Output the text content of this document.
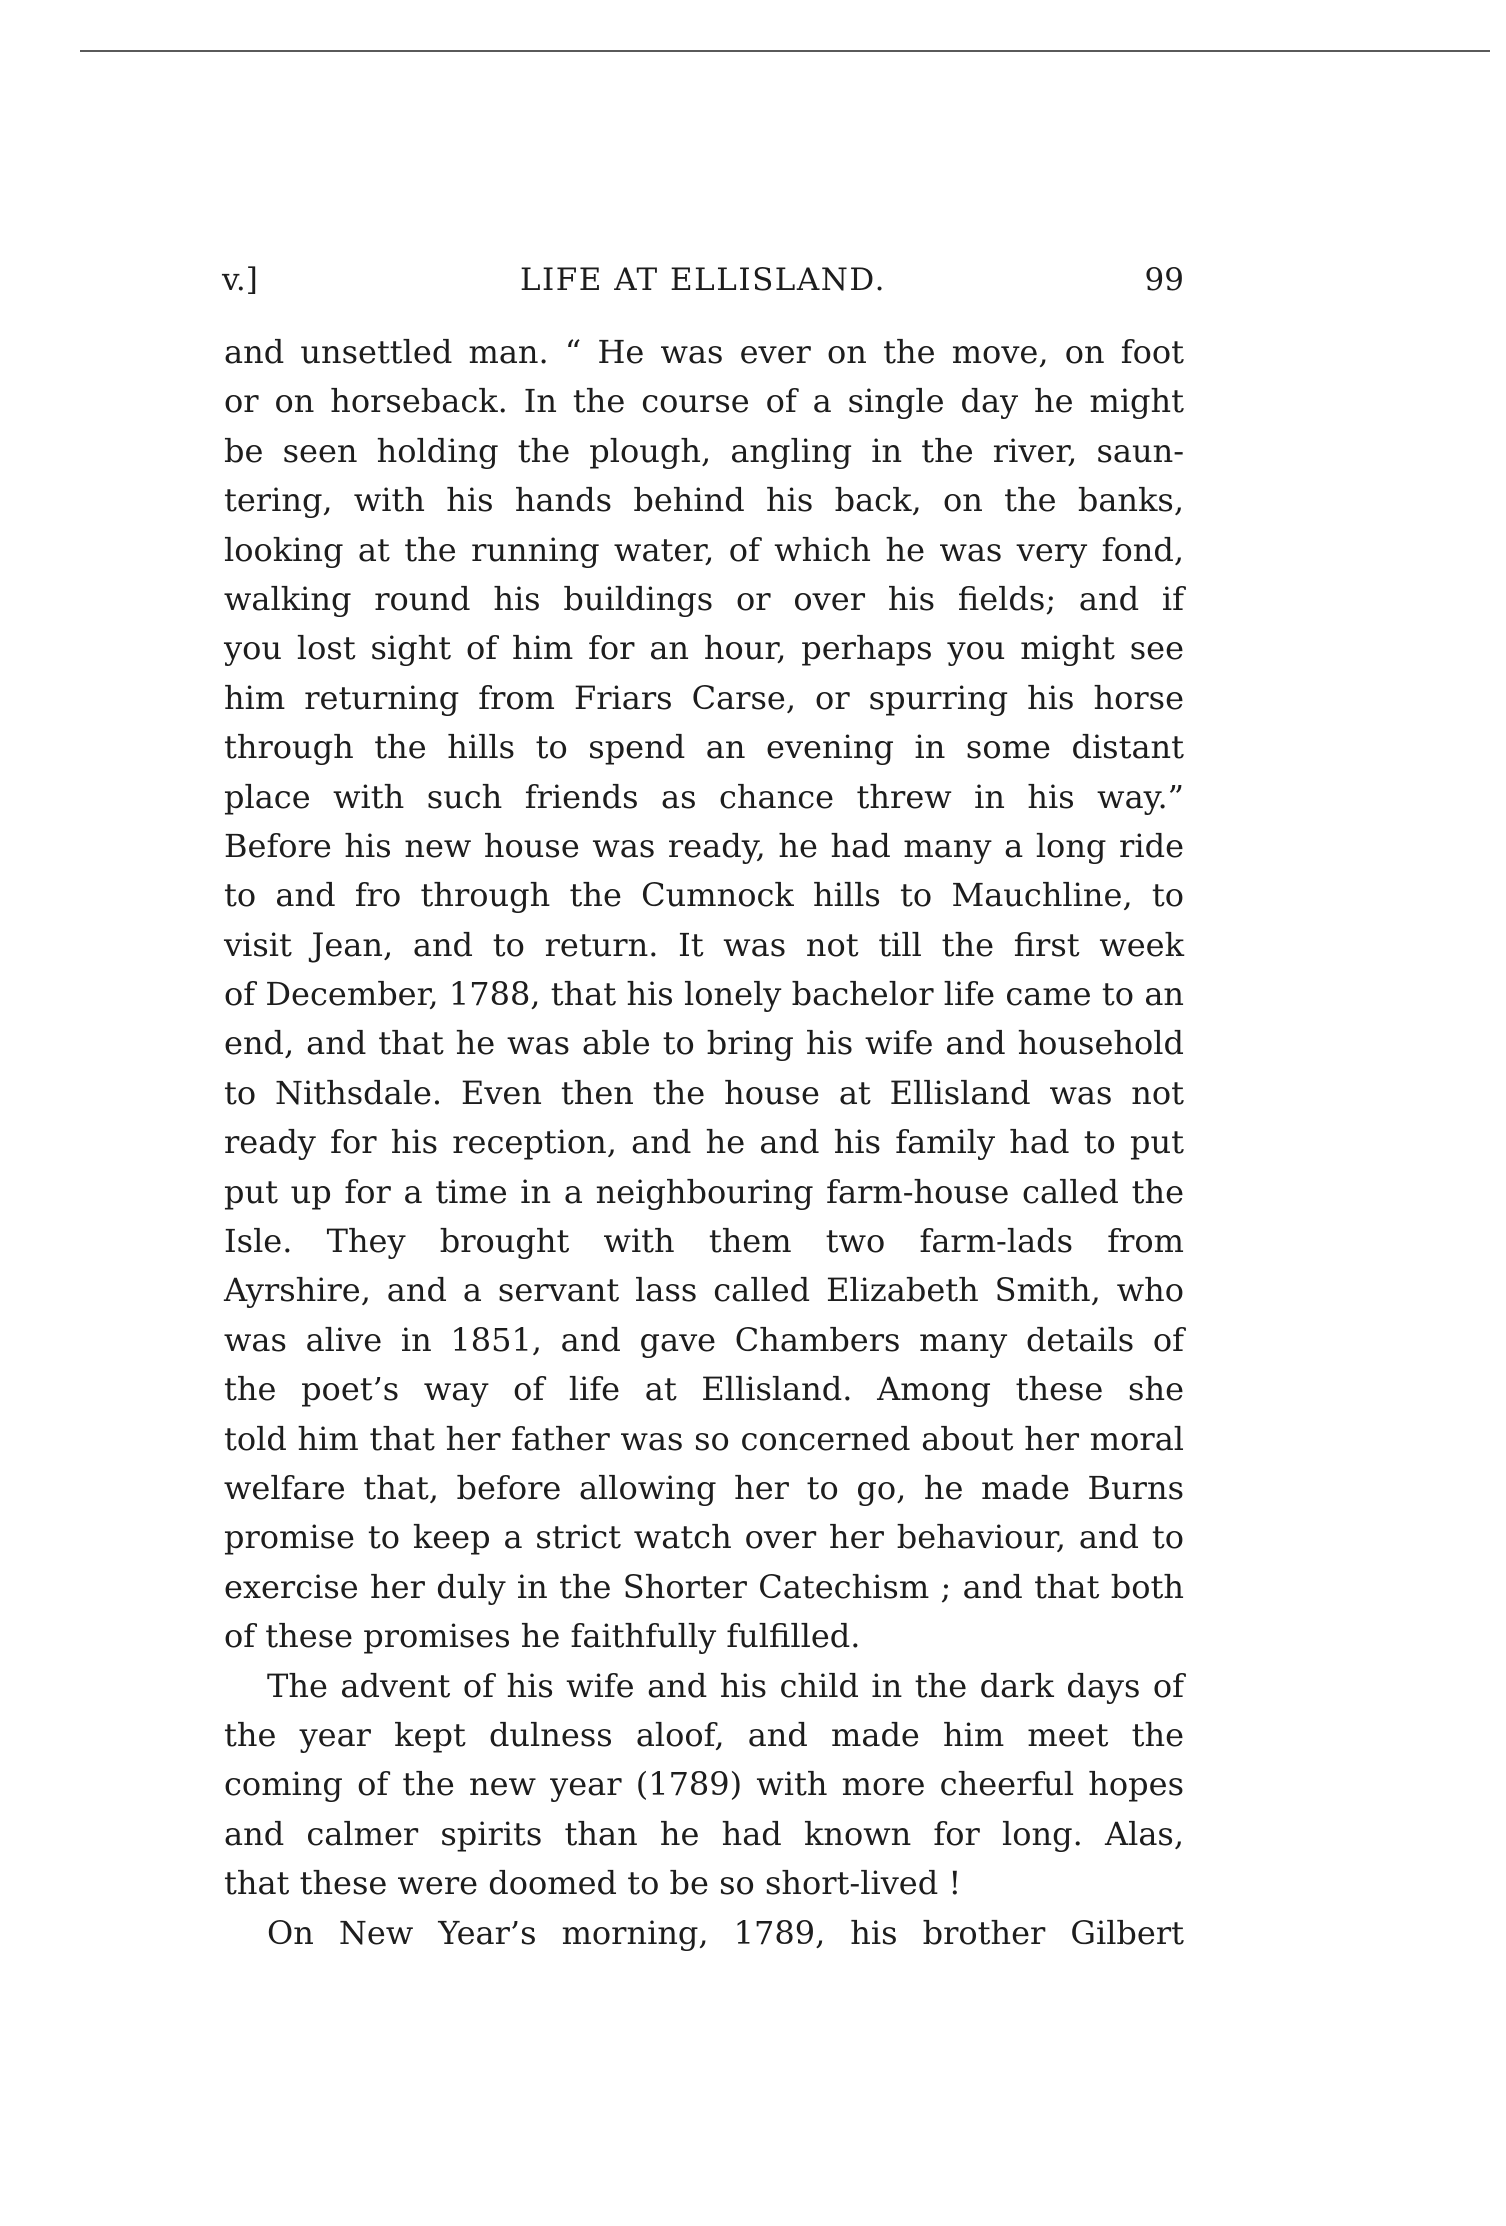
v.]	LIFE AT ELLISLAND.	99
and unsettled man. “ He was ever on the move, on foot
or on horseback. In the course of a single day he might
be seen holding the plough, angling in the river, saun-
tering, with his hands behind his back, on the banks,
looking at the running water, of which he was very fond,
walking round his buildings or over his fields; and if
you lost sight of him for an hour, perhaps you might see
him returning from Friars Carse, or spurring his horse
through the hills to spend an evening in some distant
place with such friends as chance threw in his way.”
Before his new house was ready, he had many a long ride
to and fro through the Cumnock hills to Mauchline, to
visit Jean, and to return. It was not till the first week
of December, 1788, that his lonely bachelor life came to an
end, and that he was able to bring his wife and household
to Nithsdale. Even then the house at Ellisland was not
ready for his reception, and he and his family had to put
put up for a time in a neighbouring farm-house called the
Isle. They brought with them two farm-lads from
Ayrshire, and a servant lass called Elizabeth Smith, who
was alive in 1851, and gave Chambers many details of
the poet’s way of life at Ellisland. Among these she
told him that her father was so concerned about her moral
welfare that, before allowing her to go, he made Burns
promise to keep a strict watch over her behaviour, and to
exercise her duly in the Shorter Catechism ; and that both
of these promises he faithfully fulfilled.
The advent of his wife and his child in the dark days of
the year kept dulness aloof, and made him meet the
coming of the new year (1789) with more cheerful hopes
and calmer spirits than he had known for long. Alas,
that these were doomed to be so short-lived !
On New Year’s morning, 1789, his brother Gilbert
